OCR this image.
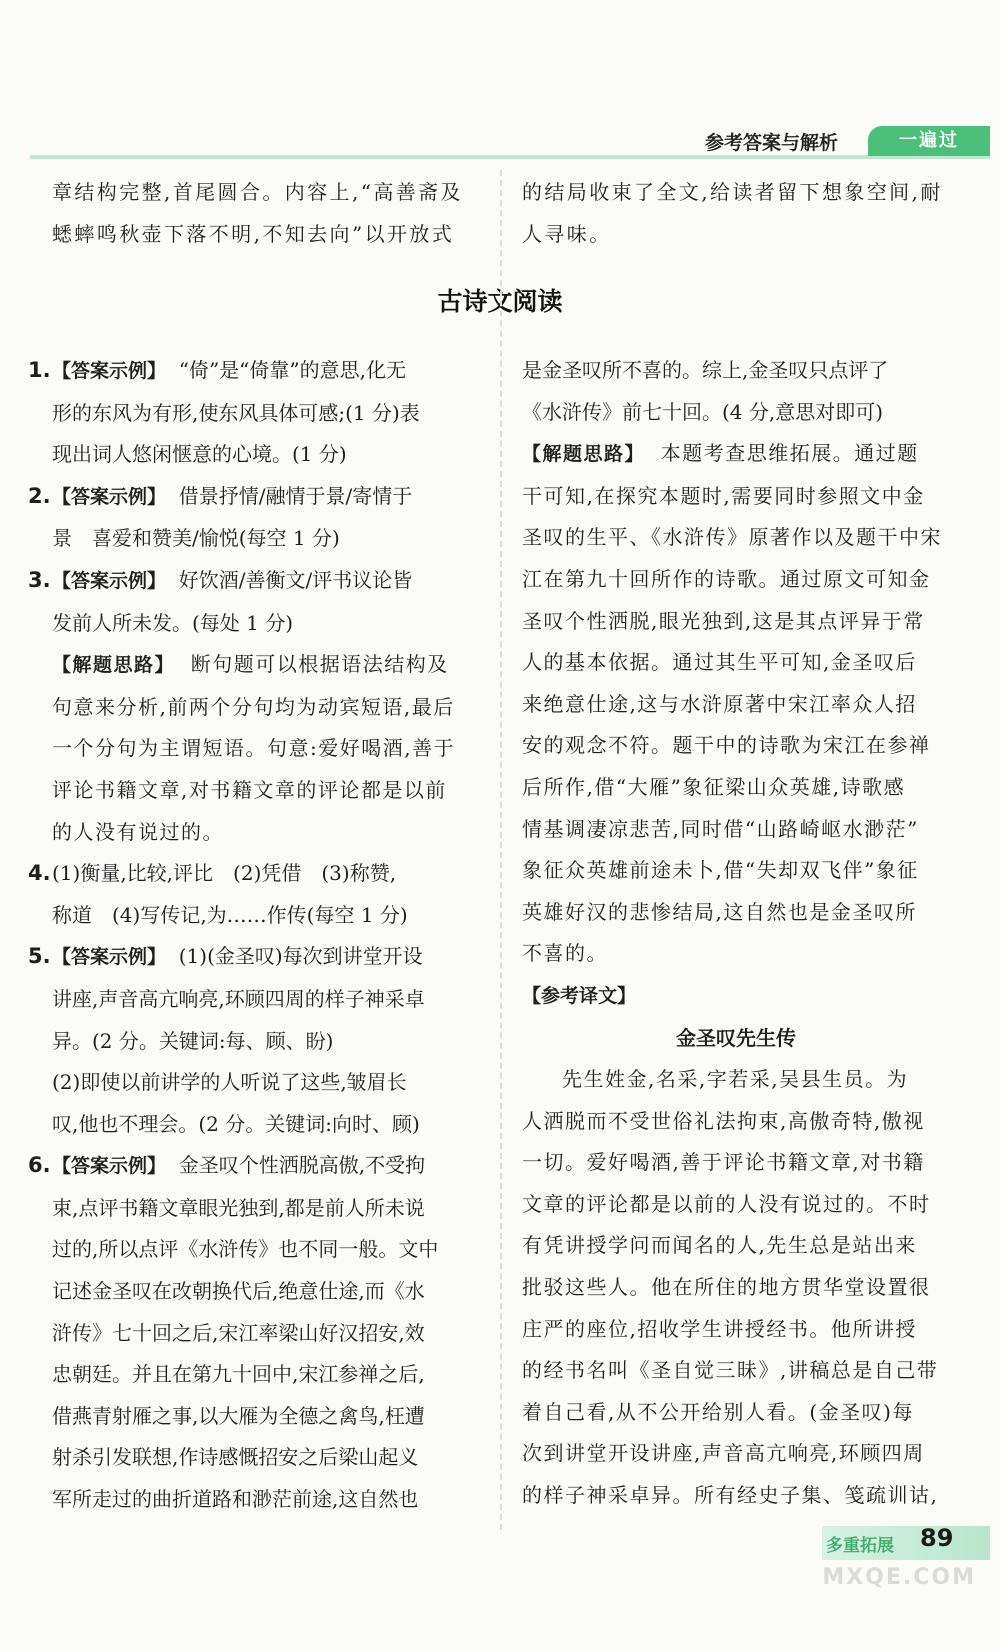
参考答案与解析	一遍过

章结构完整,首尾圆合。内容上,“高善斋及

蟋蟀鸣秋壶下落不明,不知去向”以开放式

的结局收束了全文,给读者留下想象空间,耐

人寻味。

古诗文阅读

1.【答案示例】 “倚”是“倚靠”的意思,化无

形的东风为有形,使东风具体可感;(1 分)表

现出词人悠闲惬意的心境。(1 分)

2.【答案示例】 借景抒情/融情于景/寄情于

景　喜爱和赞美/愉悦(每空 1 分)

3.【答案示例】 好饮酒/善衡文/评书议论皆

发前人所未发。(每处 1 分)

【解题思路】 断句题可以根据语法结构及

句意来分析,前两个分句均为动宾短语,最后

一个分句为主谓短语。句意:爱好喝酒,善于

评论书籍文章,对书籍文章的评论都是以前

的人没有说过的。

4.(1)衡量,比较,评比　(2)凭借　(3)称赞,

称道　(4)写传记,为……作传(每空 1 分)

5.【答案示例】 (1)(金圣叹)每次到讲堂开设

讲座,声音高亢响亮,环顾四周的样子神采卓

异。(2 分。关键词:每、顾、盼)

(2)即使以前讲学的人听说了这些,皱眉长

叹,他也不理会。(2 分。关键词:向时、顾)

6.【答案示例】 金圣叹个性洒脱高傲,不受拘

束,点评书籍文章眼光独到,都是前人所未说

过的,所以点评《水浒传》也不同一般。文中

记述金圣叹在改朝换代后,绝意仕途,而《水

浒传》七十回之后,宋江率梁山好汉招安,效

忠朝廷。并且在第九十回中,宋江参禅之后,

借燕青射雁之事,以大雁为全德之禽鸟,枉遭

射杀引发联想,作诗感慨招安之后梁山起义

军所走过的曲折道路和渺茫前途,这自然也

是金圣叹所不喜的。综上,金圣叹只点评了

《水浒传》前七十回。(4 分,意思对即可)

【解题思路】 本题考查思维拓展。通过题

干可知,在探究本题时,需要同时参照文中金

圣叹的生平、《水浒传》原著作以及题干中宋

江在第九十回所作的诗歌。通过原文可知金

圣叹个性洒脱,眼光独到,这是其点评异于常

人的基本依据。通过其生平可知,金圣叹后

来绝意仕途,这与水浒原著中宋江率众人招

安的观念不符。题干中的诗歌为宋江在参禅

后所作,借“大雁”象征梁山众英雄,诗歌感

情基调凄凉悲苦,同时借“山路崎岖水渺茫”

象征众英雄前途未卜,借“失却双飞伴”象征

英雄好汉的悲惨结局,这自然也是金圣叹所

不喜的。

【参考译文】

金圣叹先生传

先生姓金,名采,字若采,吴县生员。为

人洒脱而不受世俗礼法拘束,高傲奇特,傲视

一切。爱好喝酒,善于评论书籍文章,对书籍

文章的评论都是以前的人没有说过的。不时

有凭讲授学问而闻名的人,先生总是站出来

批驳这些人。他在所住的地方贯华堂设置很

庄严的座位,招收学生讲授经书。他所讲授

的经书名叫《圣自觉三昧》,讲稿总是自己带

着自己看,从不公开给别人看。(金圣叹)每

次到讲堂开设讲座,声音高亢响亮,环顾四周

的样子神采卓异。所有经史子集、笺疏训诂,

多重拓展 89
MXQE.COM
